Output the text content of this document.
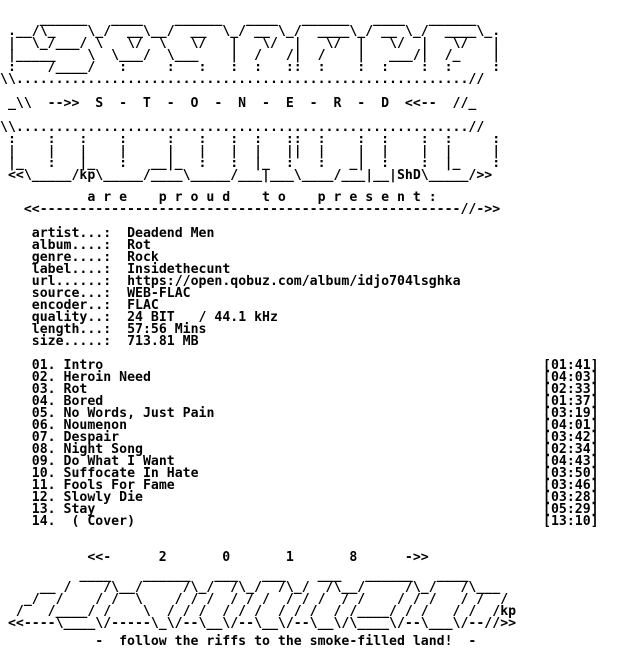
______   ____    ______   ____   ______   ____   ______
.__/\_    \_/  __\__/  __  \_/ __ \_/  ____\_/ __ \_/  ____\_.
|  \_/___/ \   \/  \   \/   |   \/  |   \/  |   \/  |   \/   |
|_____    \  \___/  \___    |  /   /|  /    |   ___/|  /_    |
:    /____/   :     :   :   :  :   ::  :    :  :    :  :     :
\\.........................................................//

_\\  -->>  S  -  T  -  O  -  N  -  E  -  R  -  D  <<--  //_

\\.........................................................//
:    :   :    :     :   :   :  :   ::  :    :  :    :  :     :
|    |   |    |     |   |   |  |   ||  |    |  |    |  |     |
|_   :   |_   :   __|_  :   :  |_  :   :   _|  :    :  |_    :
<<\_____/kp\_____/____\_____/___|___\____/___|__|ShD\_____/>>
a r e    p r o u d    t o    p r e s e n t :
<<-----------------------------------------------------//->>
artist...: Deadend Men
album....: Rot
genre....: Rock
label....: Insidethecunt
url......: https://open.qobuz.com/album/idjo704lsghka
source...: WEB-FLAC
encoder..: FLAC
quality..: 24 BIT   / 44.1 kHz
length...: 57:56 Mins
size.....: 713.81 MB
01. Intro	[01:41]
02. Heroin Need	[04:03]
03. Rot	[02:33]
04. Bored	[01:37]
05. No Words, Just Pain	[03:19]
06. Noumenon	[04:01]
07. Despair	[03:42]
08. Night Song	[02:34]
09. Do What I Want	[04:43]
10. Suffocate In Hate	[03:50]
11. Fools For Fame	[03:46]
12. Slowly Die	[03:28]
13. Stay	[05:29]
14.  ( Cover)	[13:10]
<<-      2       0       1       8      ->>
____    ______   ___   ___    ___   ______   ____
__ /    /\__/     /\_/  /\_/  /\_/  /\__/     /\_/   /\___
_/  /    / /  \    / / /  / / /  / / /  / /    / / /   / /  /
/   /____/ /    \  / / /  / / /  / / /  / /____/ / /   / /  /kp
<<----\____\/-----\_\/--\__\/--\__\/--\__\/\____\/--\___\/--//>>
-  follow the riffs to the smoke-filled land!  -
